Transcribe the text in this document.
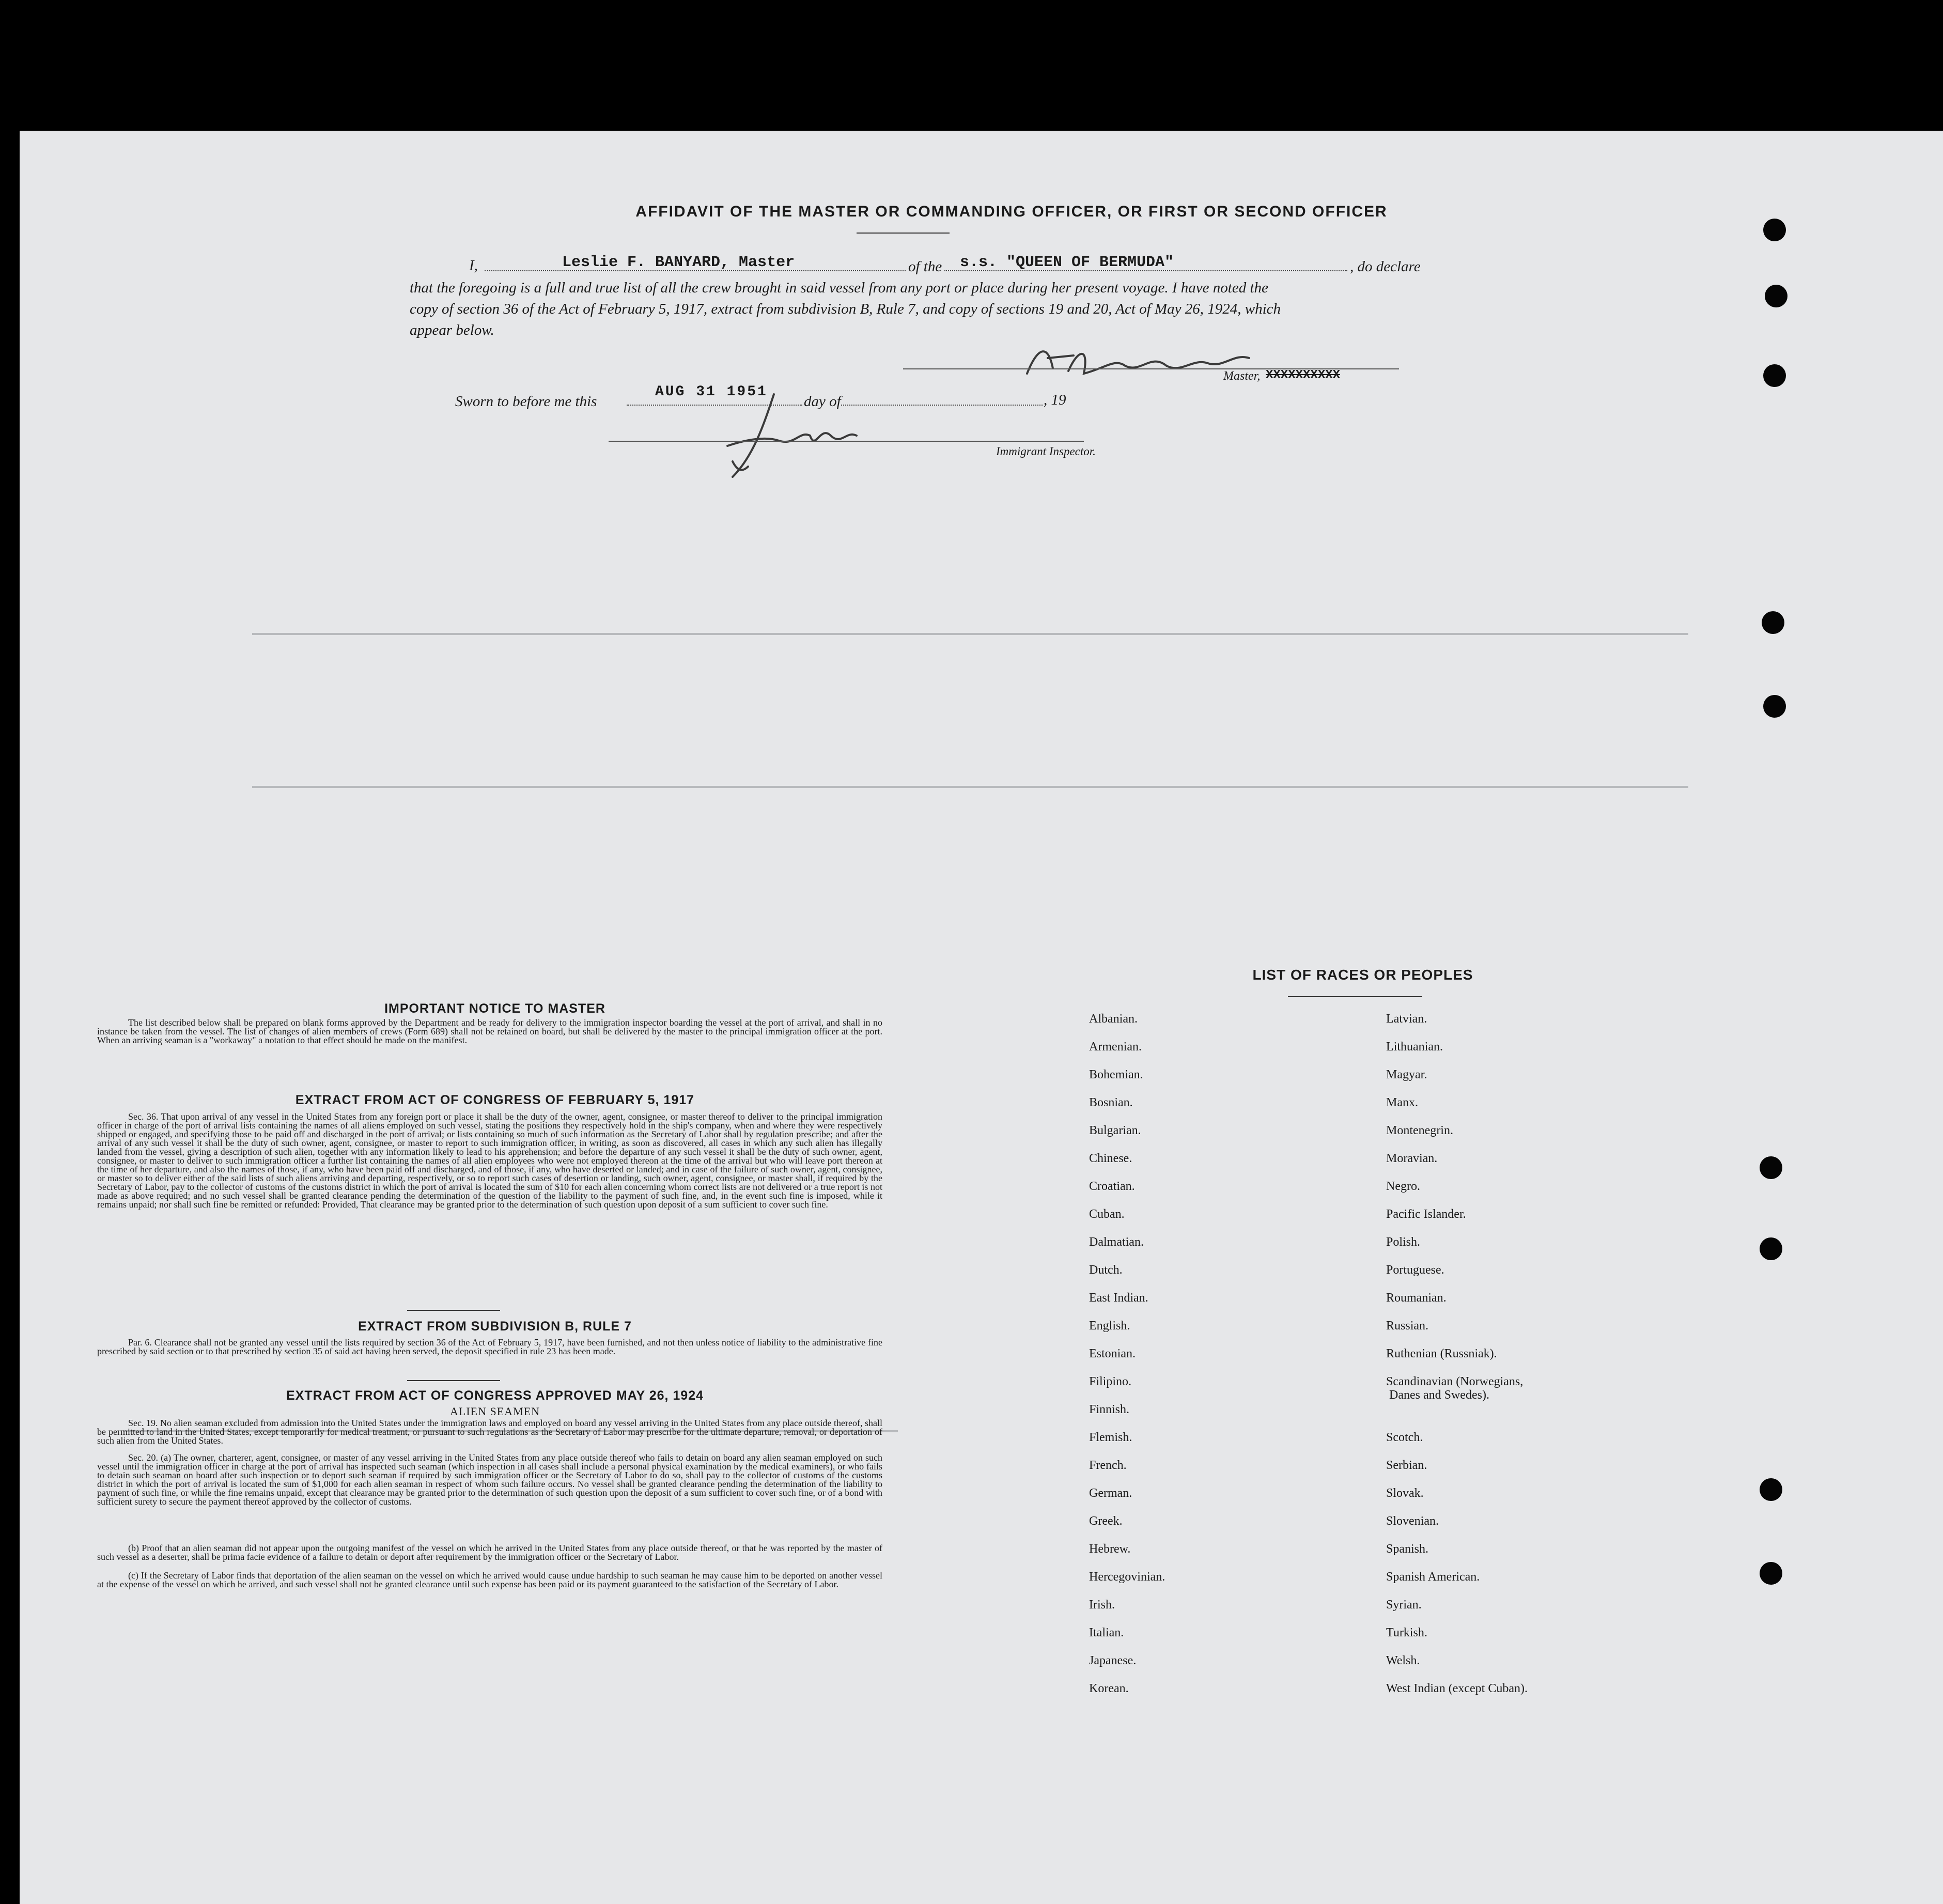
AFFIDAVIT OF THE MASTER OR COMMANDING OFFICER, OR FIRST OR SECOND OFFICER
I,	Leslie F. BANYARD, Master	of the s.s. "QUEEN OF BERMUDA"	, do declare
that the foregoing is a full and true list of all the crew brought in said vessel from any port or place during her present voyage. I have noted the
copy of section 36 of the Act of February 5, 1917, extract from subdivision B, Rule 7, and copy of sections 19 and 20, Act of May 26, 1924, which
appear below.
Master, XXXXXXXXXX
Sworn to before me this
AUG 31 1951
day of	, 19
Immigrant Inspector.
IMPORTANT NOTICE TO MASTER
The list described below shall be prepared on blank forms approved by the Department and be ready for delivery to the immigration inspector boarding the vessel at the port of arrival, and shall in no instance be taken from the vessel. The list of changes of alien members of crews (Form 689) shall not be retained on board, but shall be delivered by the master to the principal immigration officer at the port. When an arriving seaman is a "workaway" a notation to that effect should be made on the manifest.
EXTRACT FROM ACT OF CONGRESS OF FEBRUARY 5, 1917
Sec. 36. That upon arrival of any vessel in the United States from any foreign port or place it shall be the duty of the owner, agent, consignee, or master thereof to deliver to the principal immigration officer in charge of the port of arrival lists containing the names of all aliens employed on such vessel, stating the positions they respectively hold in the ship's company, when and where they were respectively shipped or engaged, and specifying those to be paid off and discharged in the port of arrival; or lists containing so much of such information as the Secretary of Labor shall by regulation prescribe; and after the arrival of any such vessel it shall be the duty of such owner, agent, consignee, or master to report to such immigration officer, in writing, as soon as discovered, all cases in which any such alien has illegally landed from the vessel, giving a description of such alien, together with any information likely to lead to his apprehension; and before the departure of any such vessel it shall be the duty of such owner, agent, consignee, or master to deliver to such immigration officer a further list containing the names of all alien employees who were not employed thereon at the time of the arrival but who will leave port thereon at the time of her departure, and also the names of those, if any, who have been paid off and discharged, and of those, if any, who have deserted or landed; and in case of the failure of such owner, agent, consignee, or master so to deliver either of the said lists of such aliens arriving and departing, respectively, or so to report such cases of desertion or landing, such owner, agent, consignee, or master shall, if required by the Secretary of Labor, pay to the collector of customs of the customs district in which the port of arrival is located the sum of $10 for each alien concerning whom correct lists are not delivered or a true report is not made as above required; and no such vessel shall be granted clearance pending the determination of the question of the liability to the payment of such fine, and, in the event such fine is imposed, while it remains unpaid; nor shall such fine be remitted or refunded: Provided, That clearance may be granted prior to the determination of such question upon deposit of a sum sufficient to cover such fine.
EXTRACT FROM SUBDIVISION B, RULE 7
Par. 6. Clearance shall not be granted any vessel until the lists required by section 36 of the Act of February 5, 1917, have been furnished, and not then unless notice of liability to the administrative fine prescribed by said section or to that prescribed by section 35 of said act having been served, the deposit specified in rule 23 has been made.
EXTRACT FROM ACT OF CONGRESS APPROVED MAY 26, 1924
ALIEN SEAMEN
Sec. 19. No alien seaman excluded from admission into the United States under the immigration laws and employed on board any vessel arriving in the United States from any place outside thereof, shall be permitted to land in the United States, except temporarily for medical treatment, or pursuant to such regulations as the Secretary of Labor may prescribe for the ultimate departure, removal, or deportation of such alien from the United States.
Sec. 20. (a) The owner, charterer, agent, consignee, or master of any vessel arriving in the United States from any place outside thereof who fails to detain on board any alien seaman employed on such vessel until the immigration officer in charge at the port of arrival has inspected such seaman (which inspection in all cases shall include a personal physical examination by the medical examiners), or who fails to detain such seaman on board after such inspection or to deport such seaman if required by such immigration officer or the Secretary of Labor to do so, shall pay to the collector of customs of the customs district in which the port of arrival is located the sum of $1,000 for each alien seaman in respect of whom such failure occurs. No vessel shall be granted clearance pending the determination of the liability to payment of such fine, or while the fine remains unpaid, except that clearance may be granted prior to the determination of such question upon the deposit of a sum sufficient to cover such fine, or of a bond with sufficient surety to secure the payment thereof approved by the collector of customs.
(b) Proof that an alien seaman did not appear upon the outgoing manifest of the vessel on which he arrived in the United States from any place outside thereof, or that he was reported by the master of such vessel as a deserter, shall be prima facie evidence of a failure to detain or deport after requirement by the immigration officer or the Secretary of Labor.
(c) If the Secretary of Labor finds that deportation of the alien seaman on the vessel on which he arrived would cause undue hardship to such seaman he may cause him to be deported on another vessel at the expense of the vessel on which he arrived, and such vessel shall not be granted clearance until such expense has been paid or its payment guaranteed to the satisfaction of the Secretary of Labor.
LIST OF RACES OR PEOPLES
Albanian.
Armenian.
Bohemian.
Bosnian.
Bulgarian.
Chinese.
Croatian.
Cuban.
Dalmatian.
Dutch.
East Indian.
English.
Estonian.
Filipino.
Finnish.
Flemish.
French.
German.
Greek.
Hebrew.
Hercegovinian.
Irish.
Italian.
Japanese.
Korean.
Latvian.
Lithuanian.
Magyar.
Manx.
Montenegrin.
Moravian.
Negro.
Pacific Islander.
Polish.
Portuguese.
Roumanian.
Russian.
Ruthenian (Russniak).
Scandinavian (Norwegians,
Danes and Swedes).
Scotch.
Serbian.
Slovak.
Slovenian.
Spanish.
Spanish American.
Syrian.
Turkish.
Welsh.
West Indian (except Cuban).
